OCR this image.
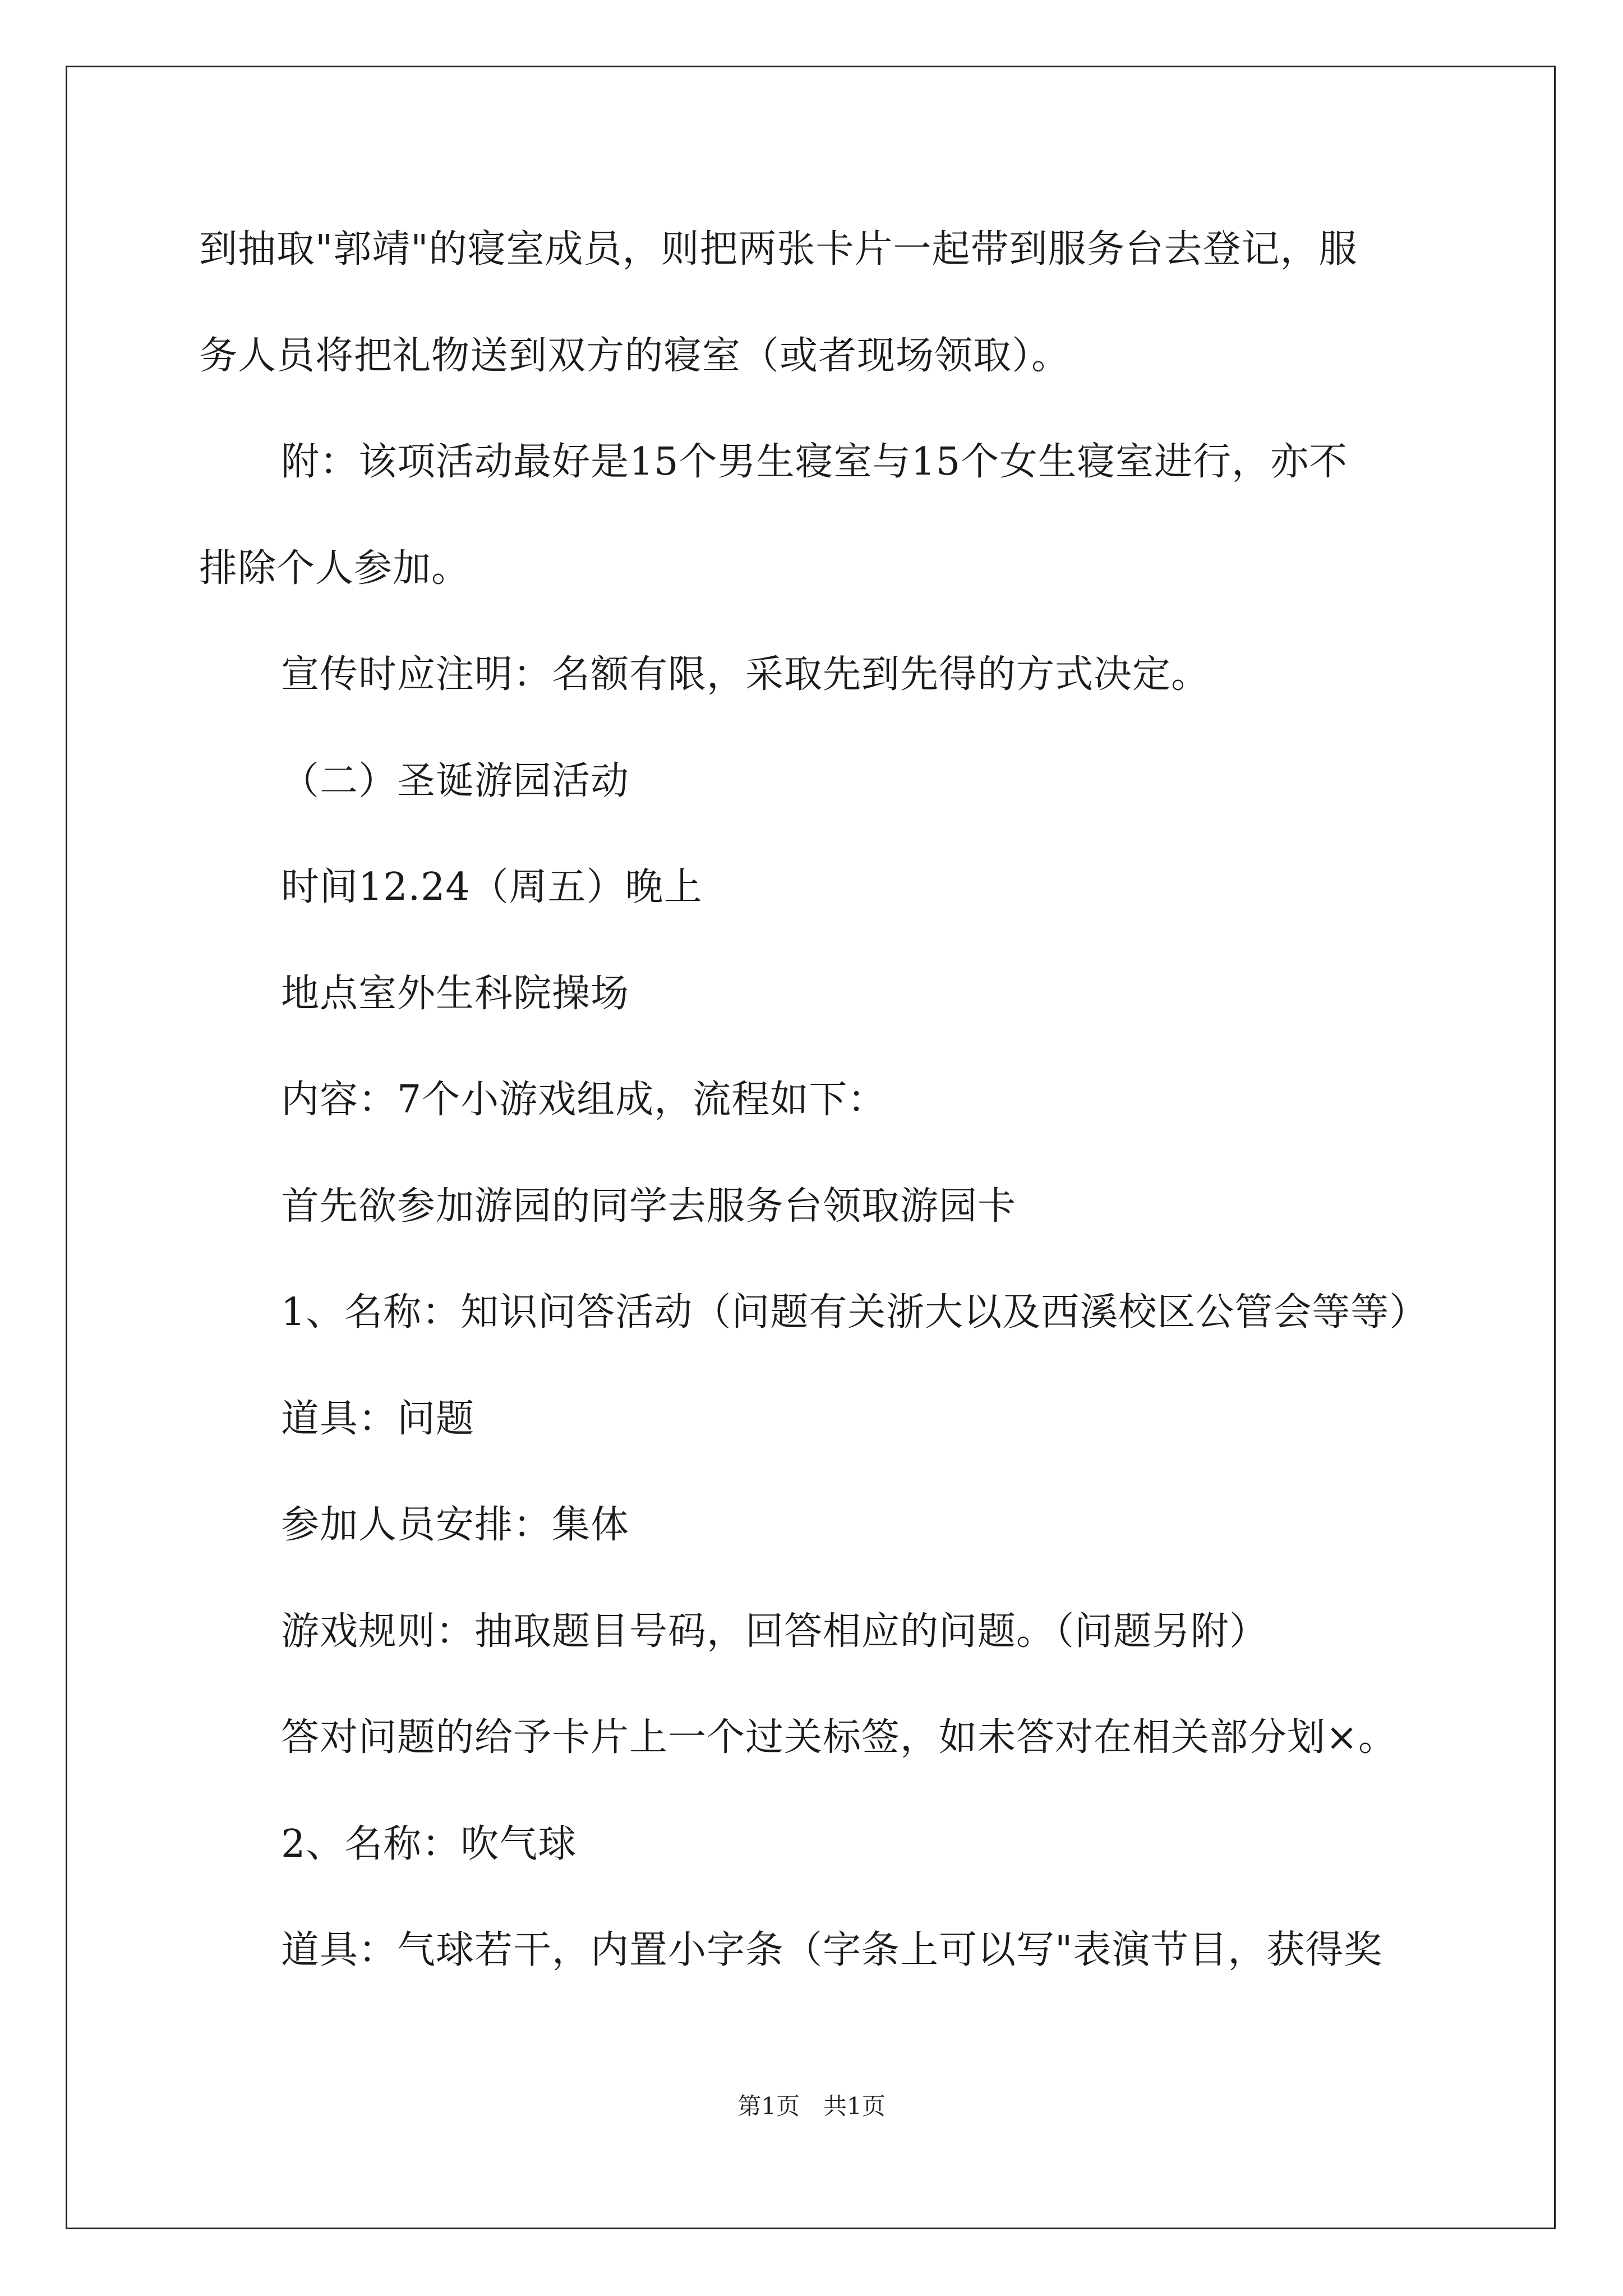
到抽取"郭靖"的寝室成员，则把两张卡片一起带到服务台去登记，服
务人员将把礼物送到双方的寝室（或者现场领取）。
附：该项活动最好是15个男生寝室与15个女生寝室进行，亦不
排除个人参加。
宣传时应注明：名额有限，采取先到先得的方式决定。
（二）圣诞游园活动
时间12.24（周五）晚上
地点室外生科院操场
内容：7个小游戏组成，流程如下：
首先欲参加游园的同学去服务台领取游园卡
1、名称：知识问答活动（问题有关浙大以及西溪校区公管会等等）
道具：问题
参加人员安排：集体
游戏规则：抽取题目号码，回答相应的问题。（问题另附）
答对问题的给予卡片上一个过关标签，如未答对在相关部分划×。
2、名称：吹气球
道具：气球若干，内置小字条（字条上可以写"表演节目，获得奖
第1页　共1页
